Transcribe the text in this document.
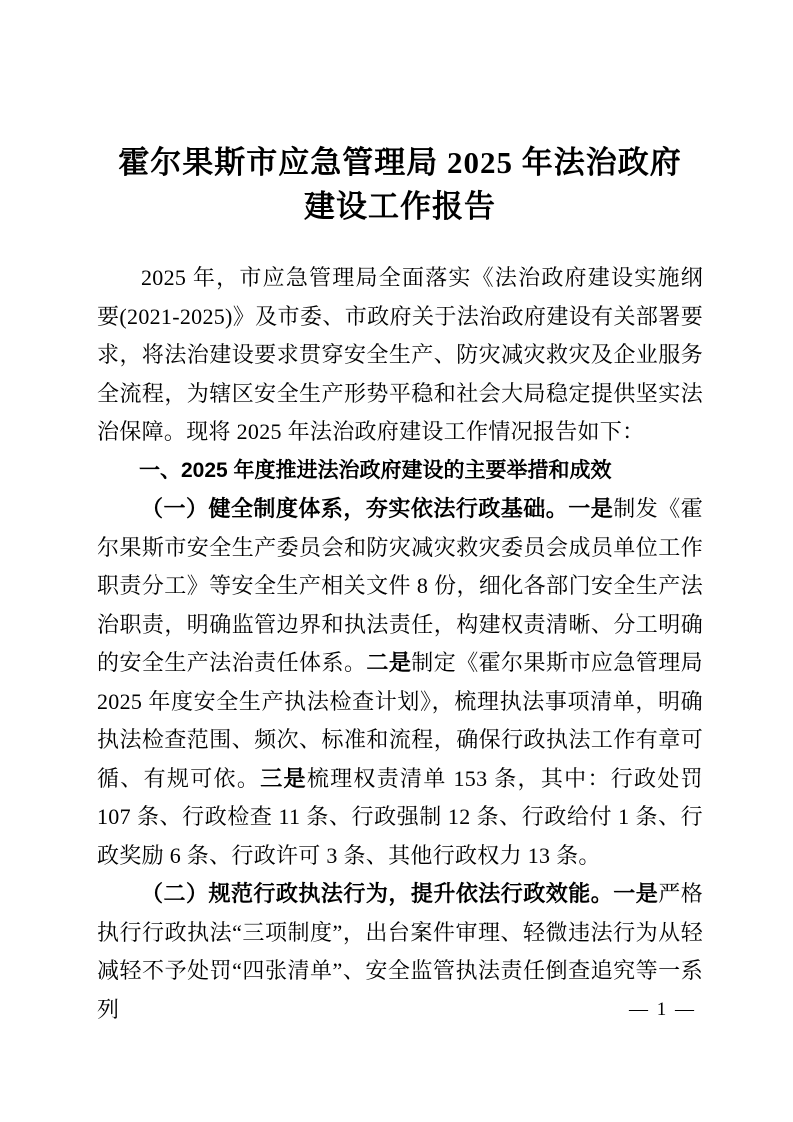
霍尔果斯市应急管理局 2025 年法治政府
建设工作报告

2025 年，市应急管理局全面落实《法治政府建设实施纲要(2021-2025)》及市委、市政府关于法治政府建设有关部署要求，将法治建设要求贯穿安全生产、防灾减灾救灾及企业服务全流程，为辖区安全生产形势平稳和社会大局稳定提供坚实法治保障。现将 2025 年法治政府建设工作情况报告如下：

一、2025 年度推进法治政府建设的主要举措和成效

（一）健全制度体系，夯实依法行政基础。一是制发《霍尔果斯市安全生产委员会和防灾减灾救灾委员会成员单位工作职责分工》等安全生产相关文件 8 份，细化各部门安全生产法治职责，明确监管边界和执法责任，构建权责清晰、分工明确的安全生产法治责任体系。二是制定《霍尔果斯市应急管理局 2025 年度安全生产执法检查计划》，梳理执法事项清单，明确执法检查范围、频次、标准和流程，确保行政执法工作有章可循、有规可依。三是梳理权责清单 153 条，其中：行政处罚 107 条、行政检查 11 条、行政强制 12 条、行政给付 1 条、行政奖励 6 条、行政许可 3 条、其他行政权力 13 条。

（二）规范行政执法行为，提升依法行政效能。一是严格执行行政执法“三项制度”，出台案件审理、轻微违法行为从轻减轻不予处罚“四张清单”、安全监管执法责任倒查追究等一系列	— 1 —
